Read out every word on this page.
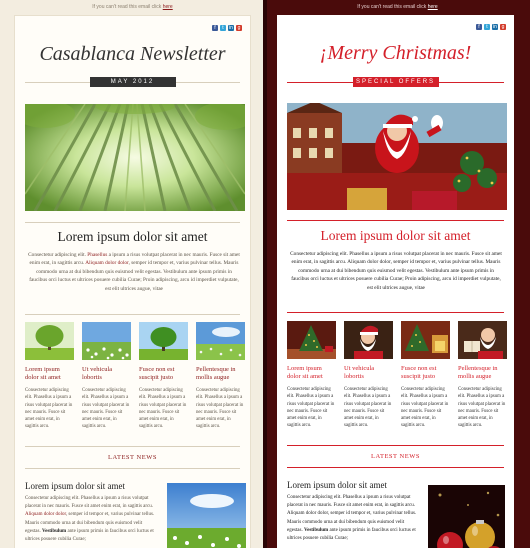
If you can't read this email click here	If you can't read this email click here
f	t	in g
Casablanca Newsletter
MAY 2012
Lorem ipsum dolor sit amet
Consectetur adipiscing elit. Phasellus a ipsum a risus volutpat placerat in nec mauris. Fusce sit amet enim erat, in sagittis arcu. Aliquam dolor dolor, semper id tempor et, varius pulvinar tellus. Mauris commodo urna at dui bibendum quis euismod velit egestas. Vestibulum ante ipsum primis in faucibus orci luctus et ultrices posuere cubilia Curae; Proin adipiscing, arcu id imperdiet vulputate, est elit ultrices augue, vitae
Lorem ipsum dolor sit amet
Consectetur adipiscing elit. Phasellus a ipsum a risus volutpat placerat in nec mauris. Fusce sit amet enim erat, in sagittis arcu.
Ut vehicula lobortis
Consectetur adipiscing elit. Phasellus a ipsum a risus volutpat placerat in nec mauris. Fusce sit amet enim erat, in sagittis arcu.
Fusce non est suscipit justo
Consectetur adipiscing elit. Phasellus a ipsum a risus volutpat placerat in nec mauris. Fusce sit amet enim erat, in sagittis arcu.
Pellentesque in mollis augue
Consectetur adipiscing elit. Phasellus a ipsum a risus volutpat placerat in nec mauris. Fusce sit amet enim erat, in sagittis arcu.
LATEST NEWS
Lorem ipsum dolor sit amet
Consectetur adipiscing elit. Phasellus a ipsum a risus volutpat placerat in nec mauris. Fusce sit amet enim erat, in sagittis arcu. Aliquam dolor dolor, semper id tempor et, varius pulvinar tellus. Mauris commodo urna at dui bibendum quis euismod velit egestas. Vestibulum ante ipsum primis in faucibus orci luctus et ultrices posuere cubilia Curae;
f	t	in g
¡Merry Christmas!
SPECIAL OFFERS
Lorem ipsum dolor sit amet
Consectetur adipiscing elit. Phasellus a ipsum a risus volutpat placerat in nec mauris. Fusce sit amet enim erat, in sagittis arcu. Aliquam dolor dolor, semper id tempor et, varius pulvinar tellus. Mauris commodo urna at dui bibendum quis euismod velit egestas. Vestibulum ante ipsum primis in faucibus orci luctus et ultrices posuere cubilia Curae; Proin adipiscing, arcu id imperdiet vulputate, est elit ultrices augue, vitae
Lorem ipsum dolor sit amet
Consectetur adipiscing elit. Phasellus a ipsum a risus volutpat placerat in nec mauris. Fusce sit amet enim erat, in sagittis arcu.
Ut vehicula lobortis
Consectetur adipiscing elit. Phasellus a ipsum a risus volutpat placerat in nec mauris. Fusce sit amet enim erat, in sagittis arcu.
Fusce non est suscipit justo
Consectetur adipiscing elit. Phasellus a ipsum a risus volutpat placerat in nec mauris. Fusce sit amet enim erat, in sagittis arcu.
Pellentesque in mollis augue
Consectetur adipiscing elit. Phasellus a ipsum a risus volutpat placerat in nec mauris. Fusce sit amet enim erat, in sagittis arcu.
LATEST NEWS
Lorem ipsum dolor sit amet
Consectetur adipiscing elit. Phasellus a ipsum a risus volutpat placerat in nec mauris. Fusce sit amet enim erat, in sagittis arcu. Aliquam dolor dolor, semper id tempor et, varius pulvinar tellus. Mauris commodo urna at dui bibendum quis euismod velit egestas. Vestibulum ante ipsum primis in faucibus orci luctus et ultrices posuere cubilia Curae;
